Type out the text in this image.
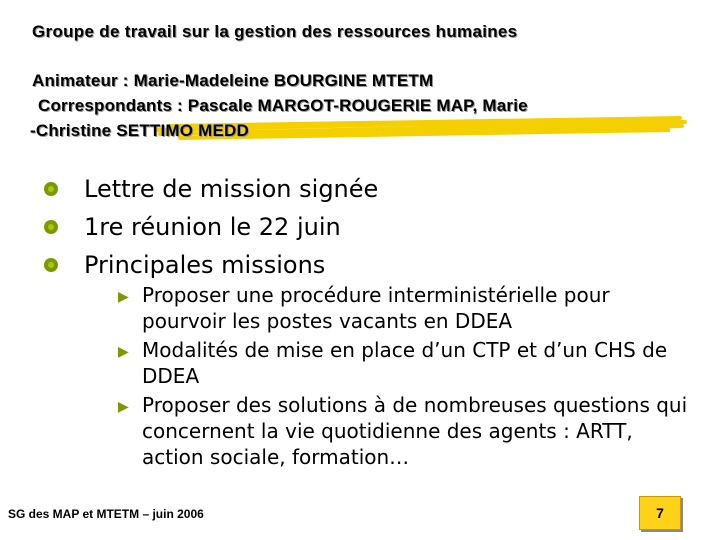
Groupe de travail sur la gestion des ressources humaines
Animateur : Marie-Madeleine BOURGINE MTETM
Correspondants : Pascale MARGOT-ROUGERIE MAP, Marie
-Christine SETTIMO MEDD
Lettre de mission signée
1re réunion le 22 juin
Principales missions
▶ Proposer une procédure interministérielle pour pourvoir les postes vacants en DDEA
▶ Modalités de mise en place d’un CTP et d’un CHS de DDEA
▶ Proposer des solutions à de nombreuses questions qui concernent la vie quotidienne des agents : ARTT, action sociale, formation…
SG des MAP et MTETM – juin 2006	7
